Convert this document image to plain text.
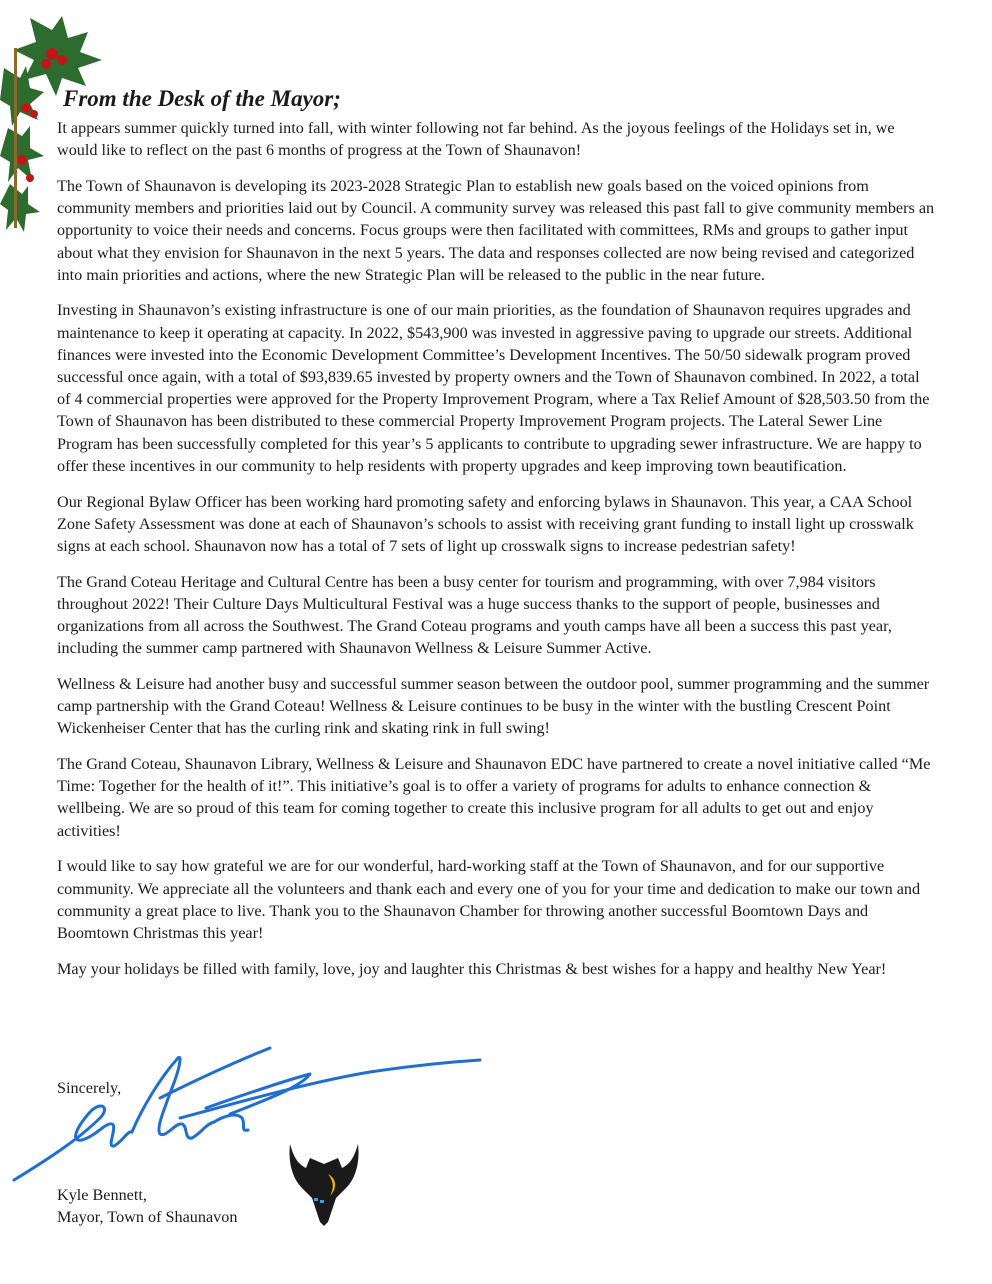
From the Desk of the Mayor;

It appears summer quickly turned into fall, with winter following not far behind. As the joyous feelings of the Holidays set in, we would like to reflect on the past 6 months of progress at the Town of Shaunavon!

The Town of Shaunavon is developing its 2023-2028 Strategic Plan to establish new goals based on the voiced opinions from community members and priorities laid out by Council. A community survey was released this past fall to give community members an opportunity to voice their needs and concerns. Focus groups were then facilitated with committees, RMs and groups to gather input about what they envision for Shaunavon in the next 5 years. The data and responses collected are now being revised and categorized into main priorities and actions, where the new Strategic Plan will be released to the public in the near future.

Investing in Shaunavon’s existing infrastructure is one of our main priorities, as the foundation of Shaunavon requires upgrades and maintenance to keep it operating at capacity. In 2022, $543,900 was invested in aggressive paving to upgrade our streets. Additional finances were invested into the Economic Development Committee’s Development Incentives. The 50/50 sidewalk program proved successful once again, with a total of $93,839.65 invested by property owners and the Town of Shaunavon combined. In 2022, a total of 4 commercial properties were approved for the Property Improvement Program, where a Tax Relief Amount of $28,503.50 from the Town of Shaunavon has been distributed to these commercial Property Improvement Program projects. The Lateral Sewer Line Program has been successfully completed for this year’s 5 applicants to contribute to upgrading sewer infrastructure. We are happy to offer these incentives in our community to help residents with property upgrades and keep improving town beautification.

Our Regional Bylaw Officer has been working hard promoting safety and enforcing bylaws in Shaunavon. This year, a CAA School Zone Safety Assessment was done at each of Shaunavon’s schools to assist with receiving grant funding to install light up crosswalk signs at each school. Shaunavon now has a total of 7 sets of light up crosswalk signs to increase pedestrian safety!

The Grand Coteau Heritage and Cultural Centre has been a busy center for tourism and programming, with over 7,984 visitors throughout 2022! Their Culture Days Multicultural Festival was a huge success thanks to the support of people, businesses and organizations from all across the Southwest. The Grand Coteau programs and youth camps have all been a success this past year, including the summer camp partnered with Shaunavon Wellness & Leisure Summer Active.

Wellness & Leisure had another busy and successful summer season between the outdoor pool, summer programming and the summer camp partnership with the Grand Coteau! Wellness & Leisure continues to be busy in the winter with the bustling Crescent Point Wickenheiser Center that has the curling rink and skating rink in full swing!

The Grand Coteau, Shaunavon Library, Wellness & Leisure and Shaunavon EDC have partnered to create a novel initiative called “Me Time: Together for the health of it!”. This initiative’s goal is to offer a variety of programs for adults to enhance connection & wellbeing. We are so proud of this team for coming together to create this inclusive program for all adults to get out and enjoy activities!

I would like to say how grateful we are for our wonderful, hard-working staff at the Town of Shaunavon, and for our supportive community. We appreciate all the volunteers and thank each and every one of you for your time and dedication to make our town and community a great place to live. Thank you to the Shaunavon Chamber for throwing another successful Boomtown Days and Boomtown Christmas this year!

May your holidays be filled with family, love, joy and laughter this Christmas & best wishes for a happy and healthy New Year!

Sincerely,
Kyle Bennett,
Mayor, Town of Shaunavon
